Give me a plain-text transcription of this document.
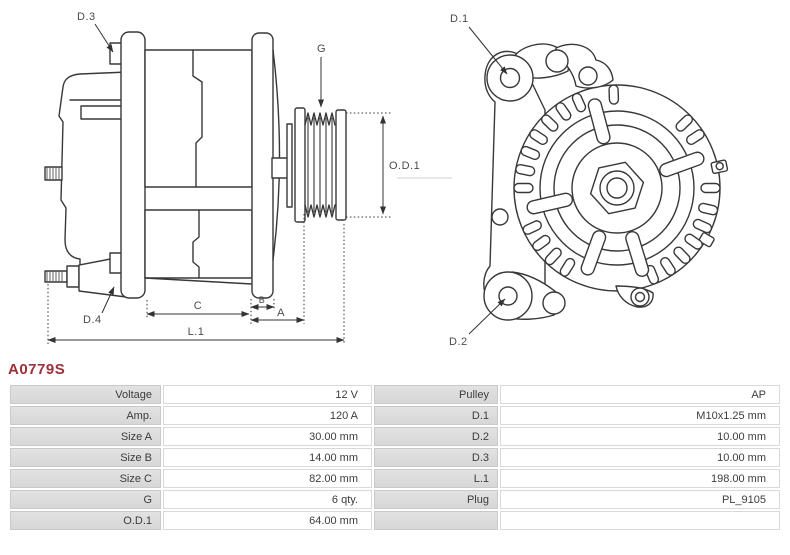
D.3
D.4
G
O.D.1
C	B
A
L.1
D.1
D.2
A0779S
Voltage	12 V	Pulley	AP
Amp.	120 A	D.1	M10x1.25 mm
Size A	30.00 mm	D.2	10.00 mm
Size B	14.00 mm	D.3	10.00 mm
Size C	82.00 mm	L.1	198.00 mm
G	6 qty.	Plug	PL_9105
O.D.1	64.00 mm		
